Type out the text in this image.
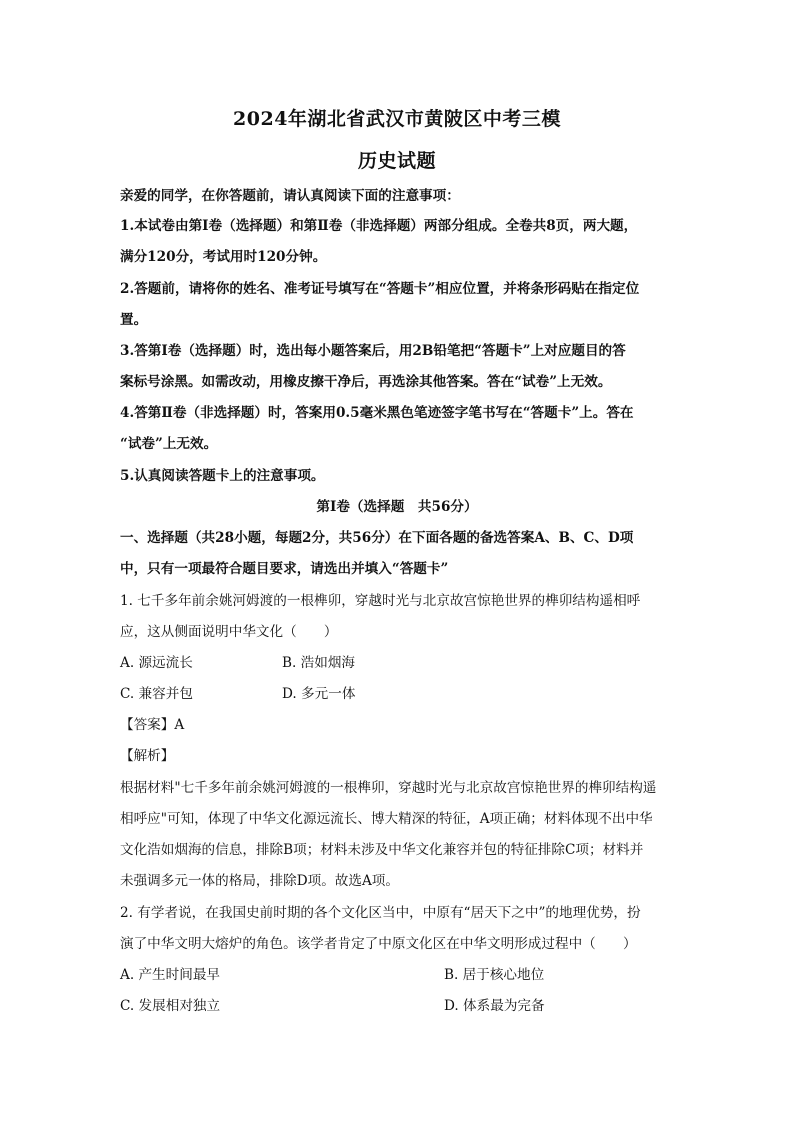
2024年湖北省武汉市黄陂区中考三模
历史试题
亲爱的同学，在你答题前，请认真阅读下面的注意事项：
1.本试卷由第Ⅰ卷（选择题）和第Ⅱ卷（非选择题）两部分组成。全卷共8页，两大题，
满分120分，考试用时120分钟。
2.答题前，请将你的姓名、准考证号填写在“答题卡”相应位置，并将条形码贴在指定位
置。
3.答第Ⅰ卷（选择题）时，选出每小题答案后，用2B铅笔把“答题卡”上对应题目的答
案标号涂黑。如需改动，用橡皮擦干净后，再选涂其他答案。答在“试卷”上无效。
4.答第Ⅱ卷（非选择题）时，答案用0.5毫米黑色笔迹签字笔书写在“答题卡”上。答在
“试卷”上无效。
5.认真阅读答题卡上的注意事项。
第Ⅰ卷（选择题　共56分）
一、选择题（共28小题，每题2分，共56分）在下面各题的备选答案A、B、C、D项
中，只有一项最符合题目要求，请选出并填入“答题卡”
1. 七千多年前余姚河姆渡的一根榫卯，穿越时光与北京故宫惊艳世界的榫卯结构遥相呼
应，这从侧面说明中华文化（　　）
A. 源远流长	B. 浩如烟海
C. 兼容并包	D. 多元一体
【答案】A
【解析】
根据材料"七千多年前余姚河姆渡的一根榫卯，穿越时光与北京故宫惊艳世界的榫卯结构遥
相呼应"可知，体现了中华文化源远流长、博大精深的特征，A项正确；材料体现不出中华
文化浩如烟海的信息，排除B项；材料未涉及中华文化兼容并包的特征排除C项；材料并
未强调多元一体的格局，排除D项。故选A项。
2. 有学者说，在我国史前时期的各个文化区当中，中原有“居天下之中”的地理优势，扮
演了中华文明大熔炉的角色。该学者肯定了中原文化区在中华文明形成过程中（　　）
A. 产生时间最早	B. 居于核心地位
C. 发展相对独立	D. 体系最为完备
